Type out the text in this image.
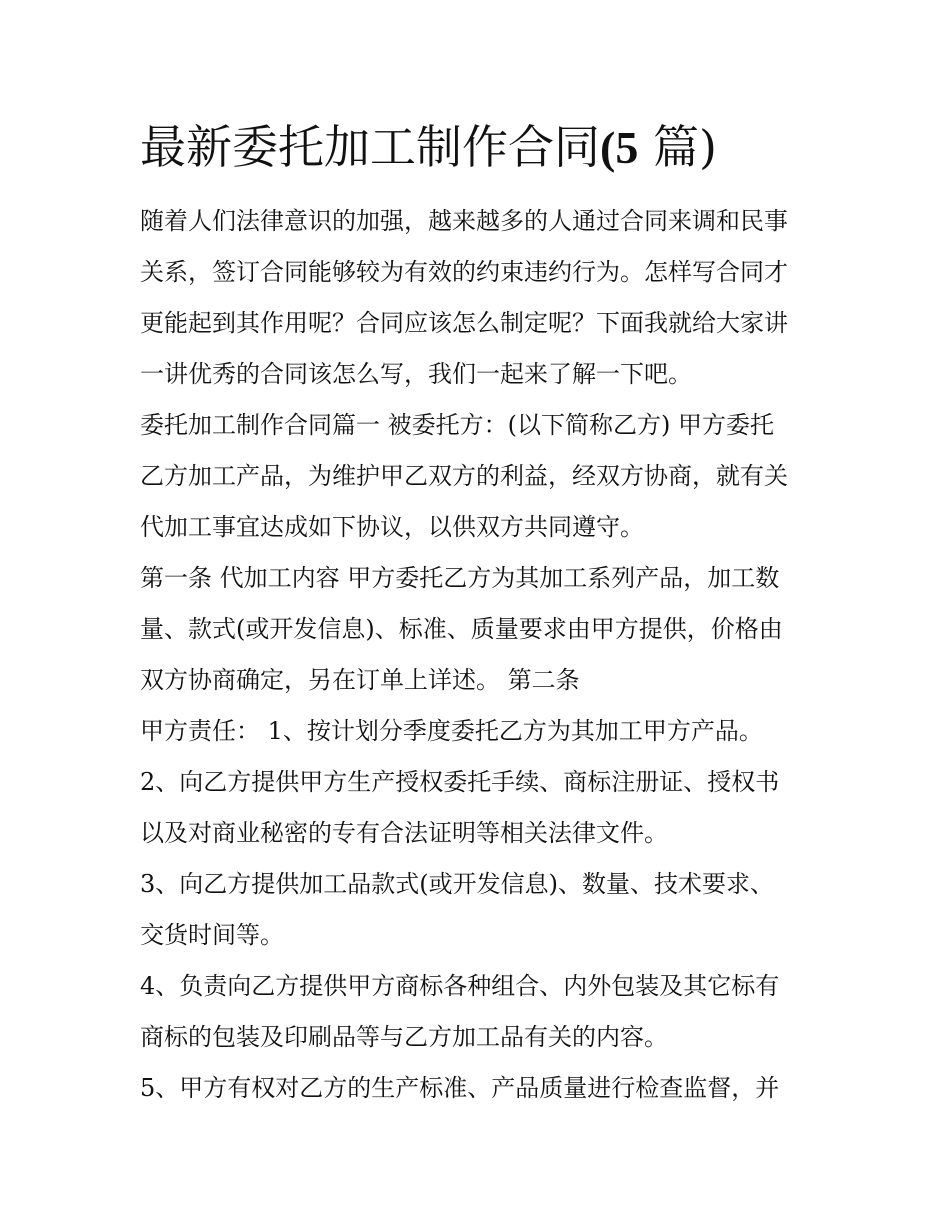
最新委托加工制作合同(5 篇)

随着人们法律意识的加强，越来越多的人通过合同来调和民事

关系，签订合同能够较为有效的约束违约行为。怎样写合同才

更能起到其作用呢？合同应该怎么制定呢？下面我就给大家讲

一讲优秀的合同该怎么写，我们一起来了解一下吧。

委托加工制作合同篇一 被委托方：(以下简称乙方) 甲方委托

乙方加工产品，为维护甲乙双方的利益，经双方协商，就有关

代加工事宜达成如下协议，以供双方共同遵守。

第一条 代加工内容 甲方委托乙方为其加工系列产品，加工数

量、款式(或开发信息)、标准、质量要求由甲方提供，价格由

双方协商确定，另在订单上详述。 第二条

甲方责任： 1、按计划分季度委托乙方为其加工甲方产品。

2、向乙方提供甲方生产授权委托手续、商标注册证、授权书

以及对商业秘密的专有合法证明等相关法律文件。

3、向乙方提供加工品款式(或开发信息)、数量、技术要求、

交货时间等。

4、负责向乙方提供甲方商标各种组合、内外包装及其它标有

商标的包装及印刷品等与乙方加工品有关的内容。

5、甲方有权对乙方的生产标准、产品质量进行检查监督，并
